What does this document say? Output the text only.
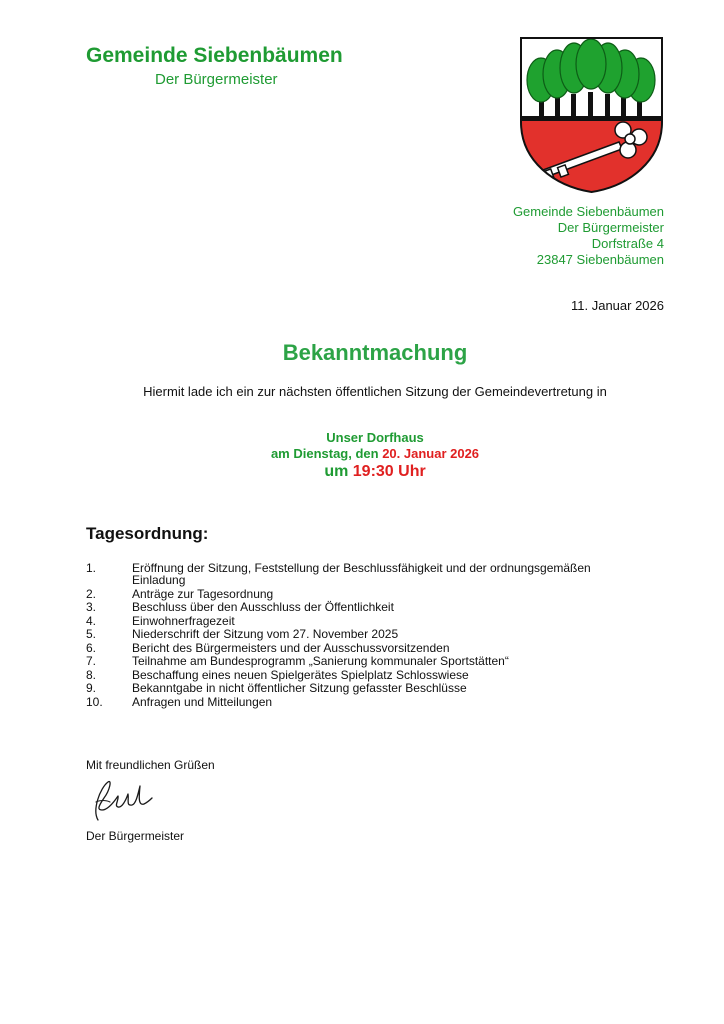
Gemeinde Siebenbäumen
Der Bürgermeister
Gemeinde Siebenbäumen
Der Bürgermeister
Dorfstraße 4
23847 Siebenbäumen
11. Januar 2026
Bekanntmachung
Hiermit lade ich ein zur nächsten öffentlichen Sitzung der Gemeindevertretung in
Unser Dorfhaus
am Dienstag, den 20. Januar 2026
um 19:30 Uhr
Tagesordnung:
1.	Eröffnung der Sitzung, Feststellung der Beschlussfähigkeit und der ordnungsgemäßen Einladung
2.	Anträge zur Tagesordnung
3.	Beschluss über den Ausschluss der Öffentlichkeit
4.	Einwohnerfragezeit
5.	Niederschrift der Sitzung vom 27. November 2025
6.	Bericht des Bürgermeisters und der Ausschussvorsitzenden
7.	Teilnahme am Bundesprogramm „Sanierung kommunaler Sportstätten“
8.	Beschaffung eines neuen Spielgerätes Spielplatz Schlosswiese
9.	Bekanntgabe in nicht öffentlicher Sitzung gefasster Beschlüsse
10.	Anfragen und Mitteilungen
Mit freundlichen Grüßen
Der Bürgermeister
